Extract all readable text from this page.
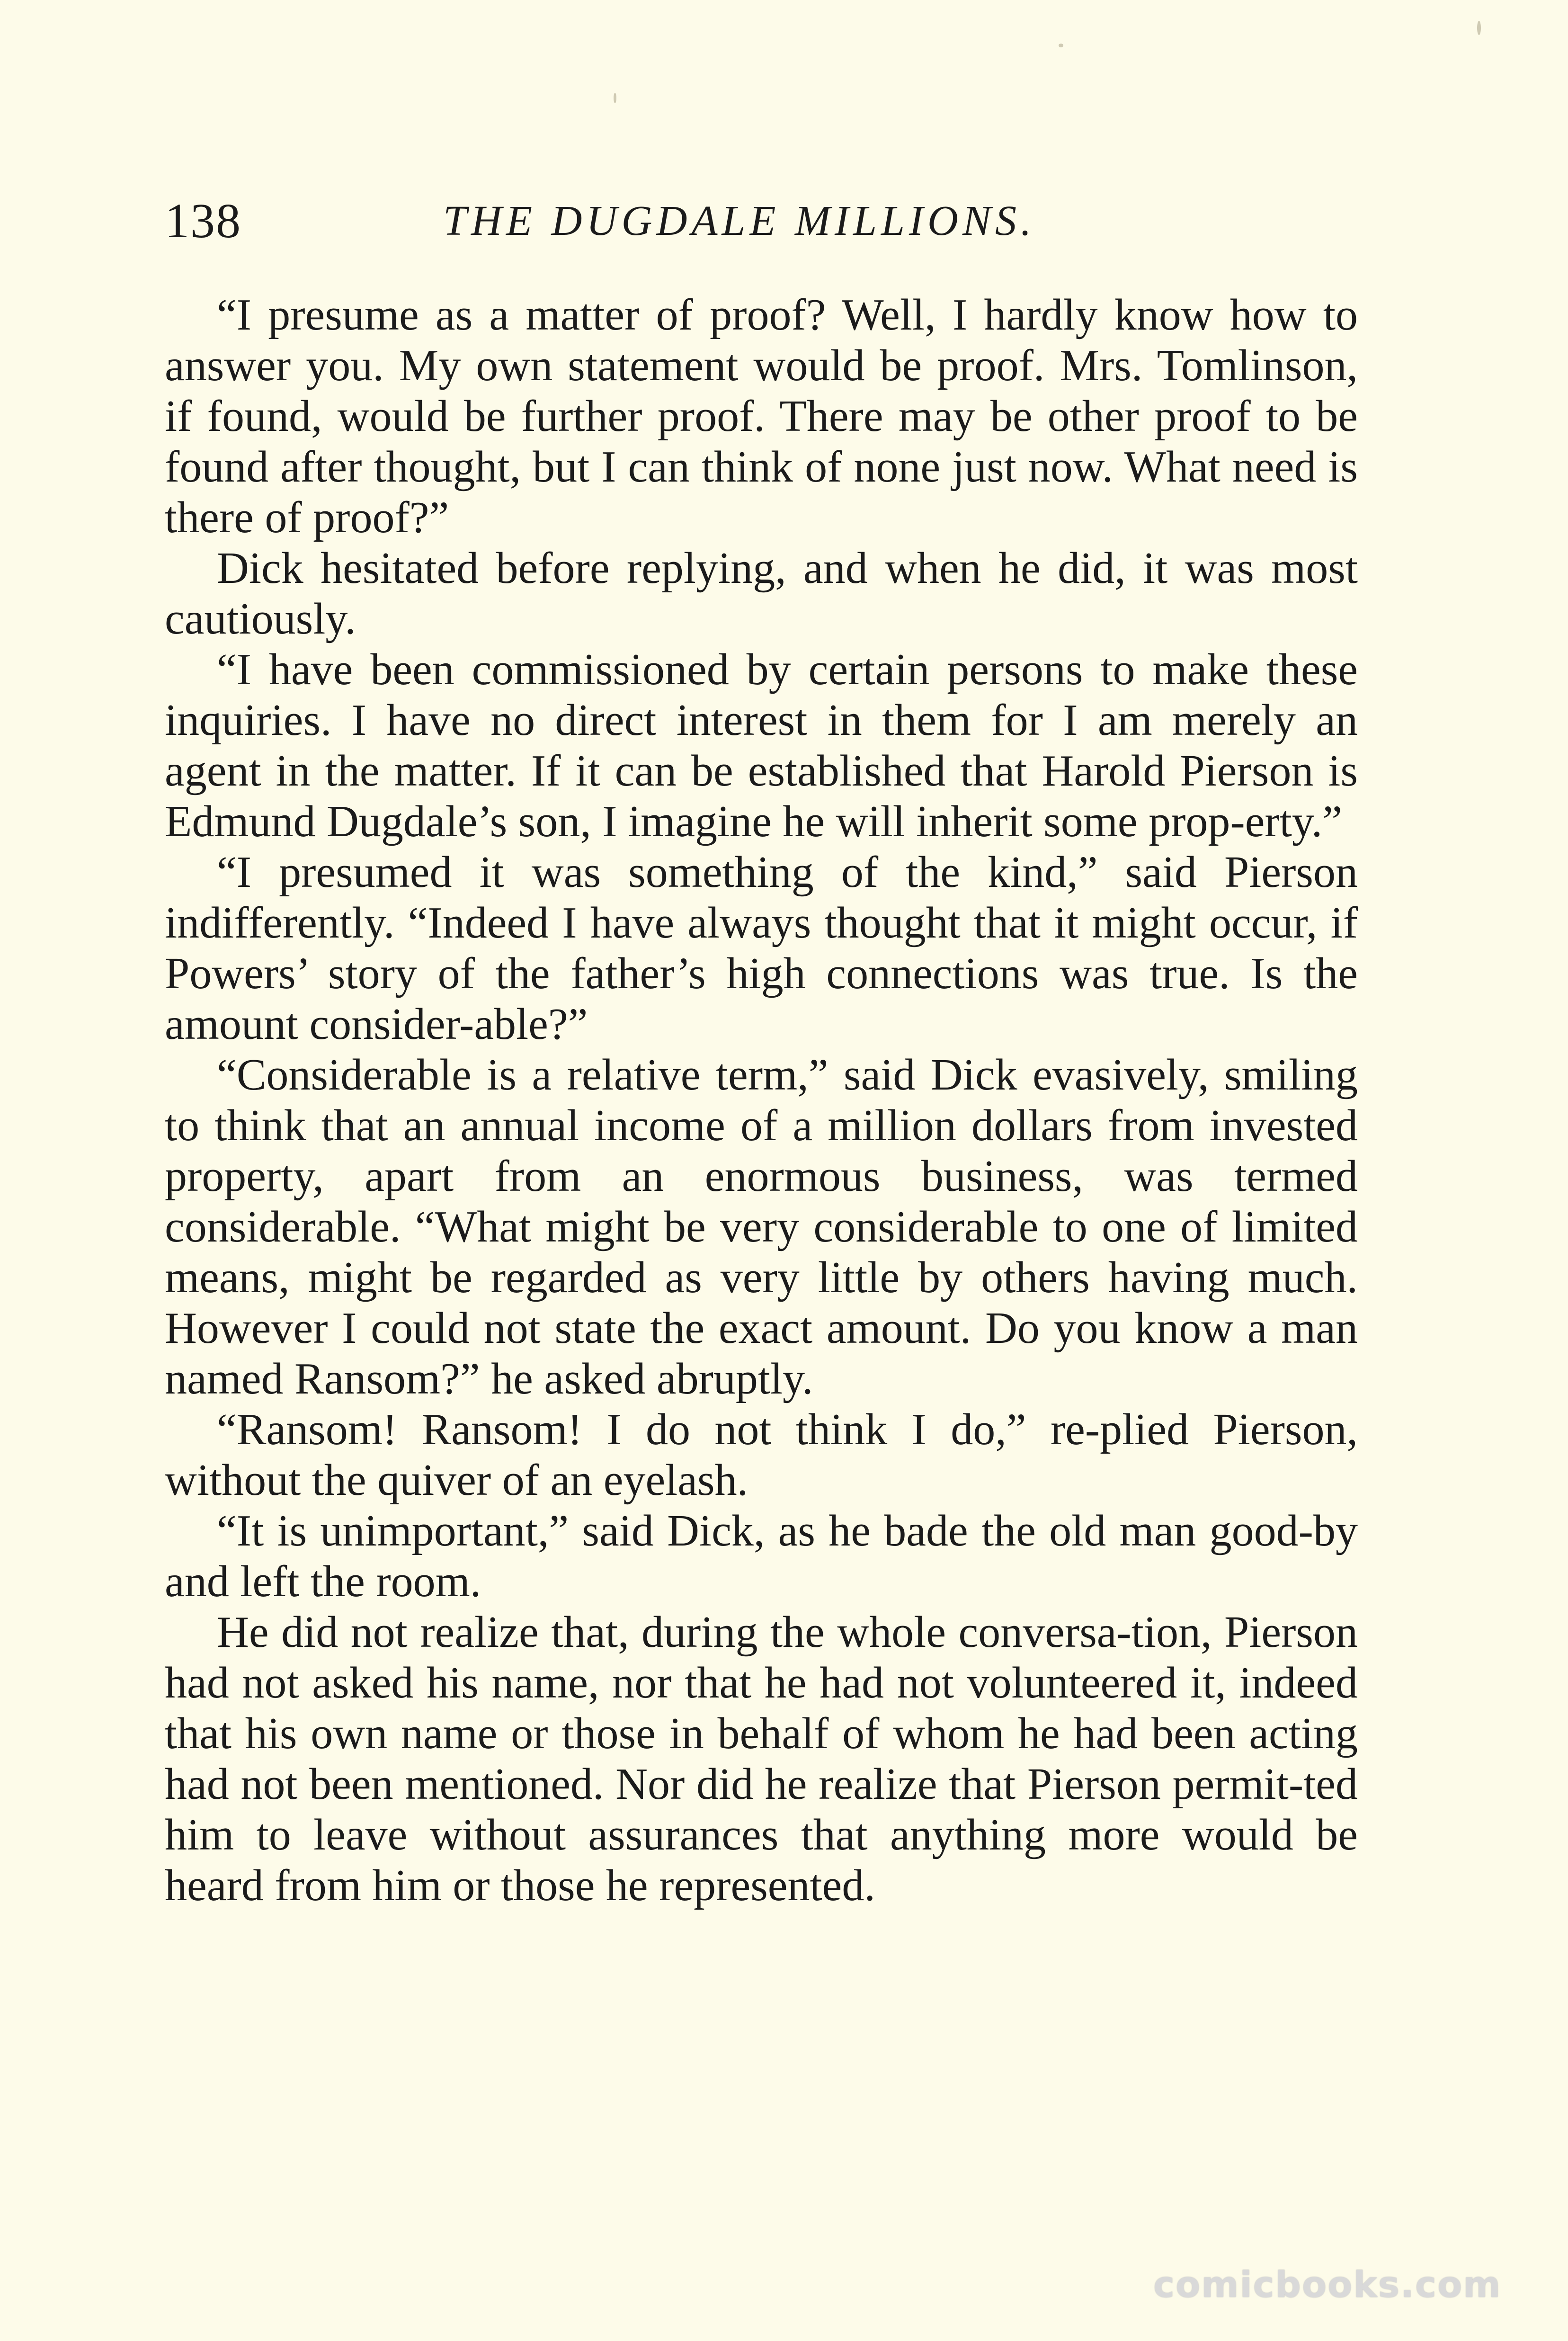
138	THE DUGDALE MILLIONS.

“I presume as a matter of proof? Well, I hardly know how to answer you. My own statement would be proof. Mrs. Tomlinson, if found, would be further proof. There may be other proof to be found after thought, but I can think of none just now. What need is there of proof?”

Dick hesitated before replying, and when he did, it was most cautiously.

“I have been commissioned by certain persons to make these inquiries. I have no direct interest in them for I am merely an agent in the matter. If it can be established that Harold Pierson is Edmund Dugdale’s son, I imagine he will inherit some prop-erty.”

“I presumed it was something of the kind,” said Pierson indifferently. “Indeed I have always thought that it might occur, if Powers’ story of the father’s high connections was true. Is the amount consider-able?”

“Considerable is a relative term,” said Dick evasively, smiling to think that an annual income of a million dollars from invested property, apart from an enormous business, was termed considerable. “What might be very considerable to one of limited means, might be regarded as very little by others having much. However I could not state the exact amount. Do you know a man named Ransom?” he asked abruptly.

“Ransom! Ransom! I do not think I do,” re-plied Pierson, without the quiver of an eyelash.

“It is unimportant,” said Dick, as he bade the old man good-by and left the room.

He did not realize that, during the whole conversa-tion, Pierson had not asked his name, nor that he had not volunteered it, indeed that his own name or those in behalf of whom he had been acting had not been mentioned. Nor did he realize that Pierson permit-ted him to leave without assurances that anything more would be heard from him or those he represented.

comicbooks.com
